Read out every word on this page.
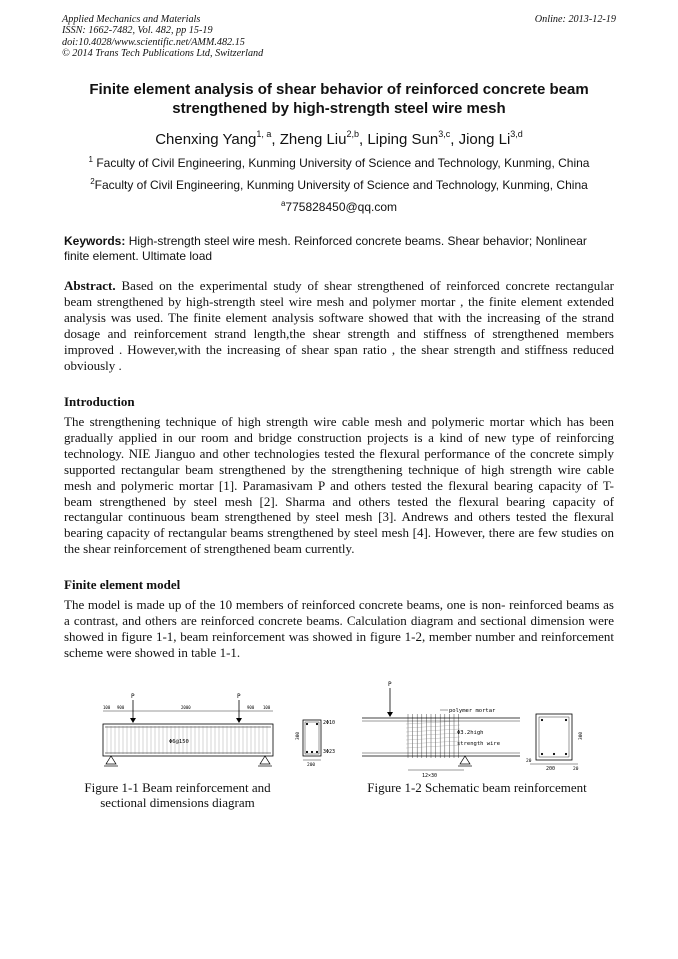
Applied Mechanics and Materials
ISSN: 1662-7482, Vol. 482, pp 15-19
doi:10.4028/www.scientific.net/AMM.482.15
© 2014 Trans Tech Publications Ltd, Switzerland
Online: 2013-12-19
Finite element analysis of shear behavior of reinforced concrete beam strengthened by high-strength steel wire mesh
Chenxing Yang$^{1, a}$, Zheng Liu$^{2,b}$, Liping Sun$^{3,c}$, Jiong Li$^{3,d}$
$^1$ Faculty of Civil Engineering, Kunming University of Science and Technology, Kunming, China
$^2$Faculty of Civil Engineering, Kunming University of Science and Technology, Kunming, China
$^a$775828450@qq.com
Keywords: High-strength steel wire mesh. Reinforced concrete beams. Shear behavior; Nonlinear finite element. Ultimate load
Abstract. Based on the experimental study of shear strengthened of reinforced concrete rectangular beam strengthened by high-strength steel wire mesh and polymer mortar , the finite element extended analysis was used. The finite element analysis software showed that with the increasing of the strand dosage and reinforcement strand length,the shear strength and stiffness of strengthened members improved . However,with the increasing of shear span ratio , the shear strength and stiffness reduced obviously .
Introduction
The strengthening technique of high strength wire cable mesh and polymeric mortar which has been gradually applied in our room and bridge construction projects is a kind of new type of reinforcing technology. NIE Jianguo and other technologies tested the flexural performance of the concrete simply supported rectangular beam strengthened by the strengthening technique of high strength wire cable mesh and polymeric mortar [1]. Paramasivam P and others tested the flexural bearing capacity of T- beam strengthened by steel mesh [2]. Sharma and others tested the flexural bearing capacity of rectangular continuous beam strengthened by steel mesh [3]. Andrews and others tested the flexural bearing capacity of rectangular beams strengthened by steel mesh [4]. However, there are few studies on the shear reinforcement of strengthened beam currently.
Finite element model
The model is made up of the 10 members of reinforced concrete beams, one is non- reinforced beams as a contrast, and others are reinforced concrete beams. Calculation diagram and sectional dimension were showed in figure 1-1, beam reinforcement was showed in figure 1-2, member number and reinforcement scheme were showed in table 1-1.
P	P
100 900	2000	900 100
Φ6@150
2Φ10
3Φ23
300
200
Figure 1-1 Beam reinforcement and
sectional dimensions diagram
P
polymer mortar
Φ3.2high
strength wire
12×30
300
20
200	20
Figure 1-2 Schematic beam reinforcement
